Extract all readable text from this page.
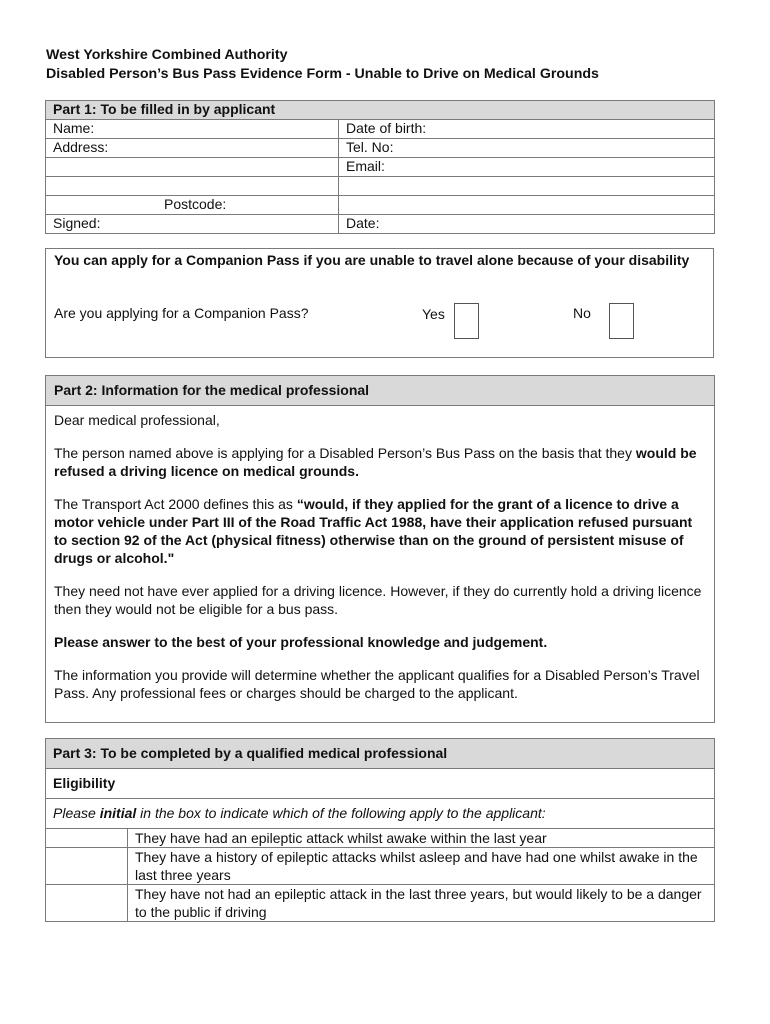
West Yorkshire Combined Authority
Disabled Person’s Bus Pass Evidence Form - Unable to Drive on Medical Grounds
Part 1: To be filled in by applicant	
Name:	Date of birth:
Address:	Tel. No:
	Email:

Postcode:	
Signed:	Date:
You can apply for a Companion Pass if you are unable to travel alone because of your disability
Are you applying for a Companion Pass?	Yes	No
Part 2: Information for the medical professional

Dear medical professional,

The person named above is applying for a Disabled Person’s Bus Pass on the basis that they would be refused a driving licence on medical grounds.

The Transport Act 2000 defines this as “would, if they applied for the grant of a licence to drive a motor vehicle under Part III of the Road Traffic Act 1988, have their application refused pursuant to section 92 of the Act (physical fitness) otherwise than on the ground of persistent misuse of drugs or alcohol."

They need not have ever applied for a driving licence. However, if they do currently hold a driving licence then they would not be eligible for a bus pass.

Please answer to the best of your professional knowledge and judgement.

The information you provide will determine whether the applicant qualifies for a Disabled Person’s Travel Pass. Any professional fees or charges should be charged to the applicant.

Part 3: To be completed by a qualified medical professional	
Eligibility	
Please initial in the box to indicate which of the following apply to the applicant:	
	They have had an epileptic attack whilst awake within the last year
	They have a history of epileptic attacks whilst asleep and have had one whilst awake in the last three years
	They have not had an epileptic attack in the last three years, but would likely to be a danger to the public if driving
